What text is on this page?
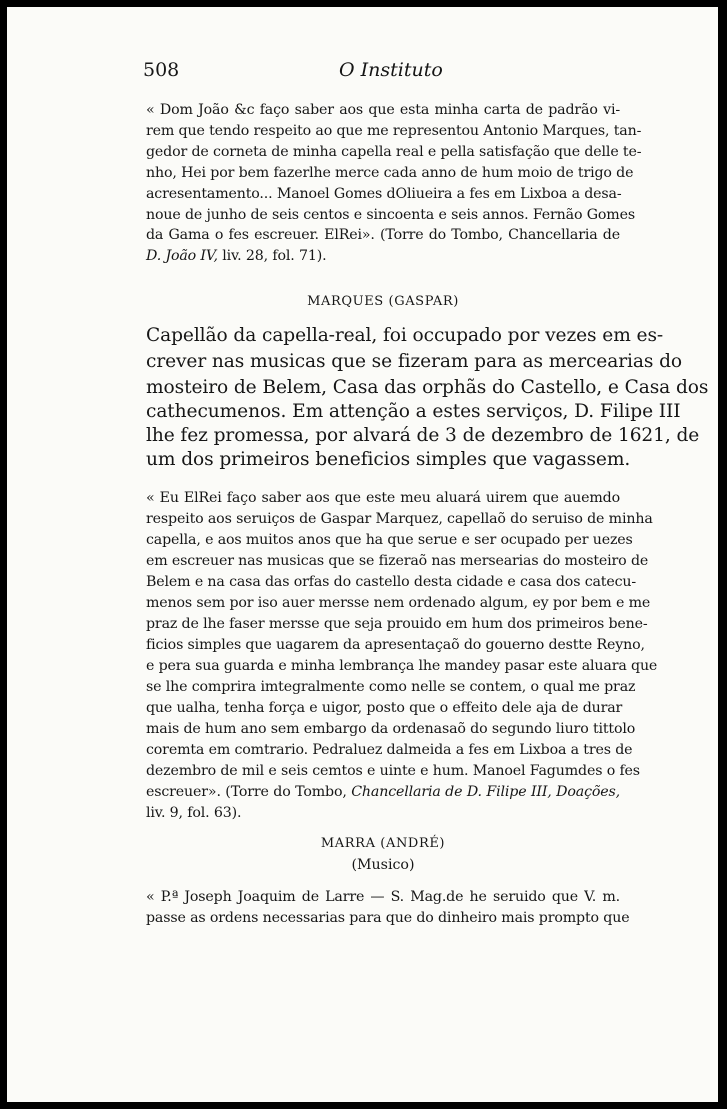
508	O Instituto
« Dom João &c faço saber aos que esta minha carta de padrão vi-
rem que tendo respeito ao que me representou Antonio Marques, tan-
gedor de corneta de minha capella real e pella satisfação que delle te-
nho, Hei por bem fazerlhe merce cada anno de hum moio de trigo de
acresentamento... Manoel Gomes dOliueira a fes em Lixboa a desa-
noue de junho de seis centos e sincoenta e seis annos. Fernão Gomes
da Gama o fes escreuer. ElRei». (Torre do Tombo, Chancellaria de
D. João IV, liv. 28, fol. 71).
MARQUES (GASPAR)
Capellão da capella-real, foi occupado por vezes em es-
crever nas musicas que se fizeram para as mercearias do
mosteiro de Belem, Casa das orphãs do Castello, e Casa dos
cathecumenos. Em attenção a estes serviços, D. Filipe III
lhe fez promessa, por alvará de 3 de dezembro de 1621, de
um dos primeiros beneficios simples que vagassem.
« Eu ElRei faço saber aos que este meu aluará uirem que auemdo
respeito aos seruiços de Gaspar Marquez, capellaõ do seruiso de minha
capella, e aos muitos anos que ha que serue e ser ocupado per uezes
em escreuer nas musicas que se fizeraõ nas mersearias do mosteiro de
Belem e na casa das orfas do castello desta cidade e casa dos catecu-
menos sem por iso auer mersse nem ordenado algum, ey por bem e me
praz de lhe faser mersse que seja prouido em hum dos primeiros bene-
ficios simples que uagarem da apresentaçaõ do gouerno destte Reyno,
e pera sua guarda e minha lembrança lhe mandey pasar este aluara que
se lhe comprira imtegralmente como nelle se contem, o qual me praz
que ualha, tenha força e uigor, posto que o effeito dele aja de durar
mais de hum ano sem embargo da ordenasaõ do segundo liuro tittolo
coremta em comtrario. Pedraluez dalmeida a fes em Lixboa a tres de
dezembro de mil e seis cemtos e uinte e hum. Manoel Fagumdes o fes
escreuer». (Torre do Tombo, Chancellaria de D. Filipe III, Doações,
liv. 9, fol. 63).
MARRA (ANDRÉ)
(Musico)
« P.ª Joseph Joaquim de Larre — S. Mag.de he seruido que V. m.
passe as ordens necessarias para que do dinheiro mais prompto que
